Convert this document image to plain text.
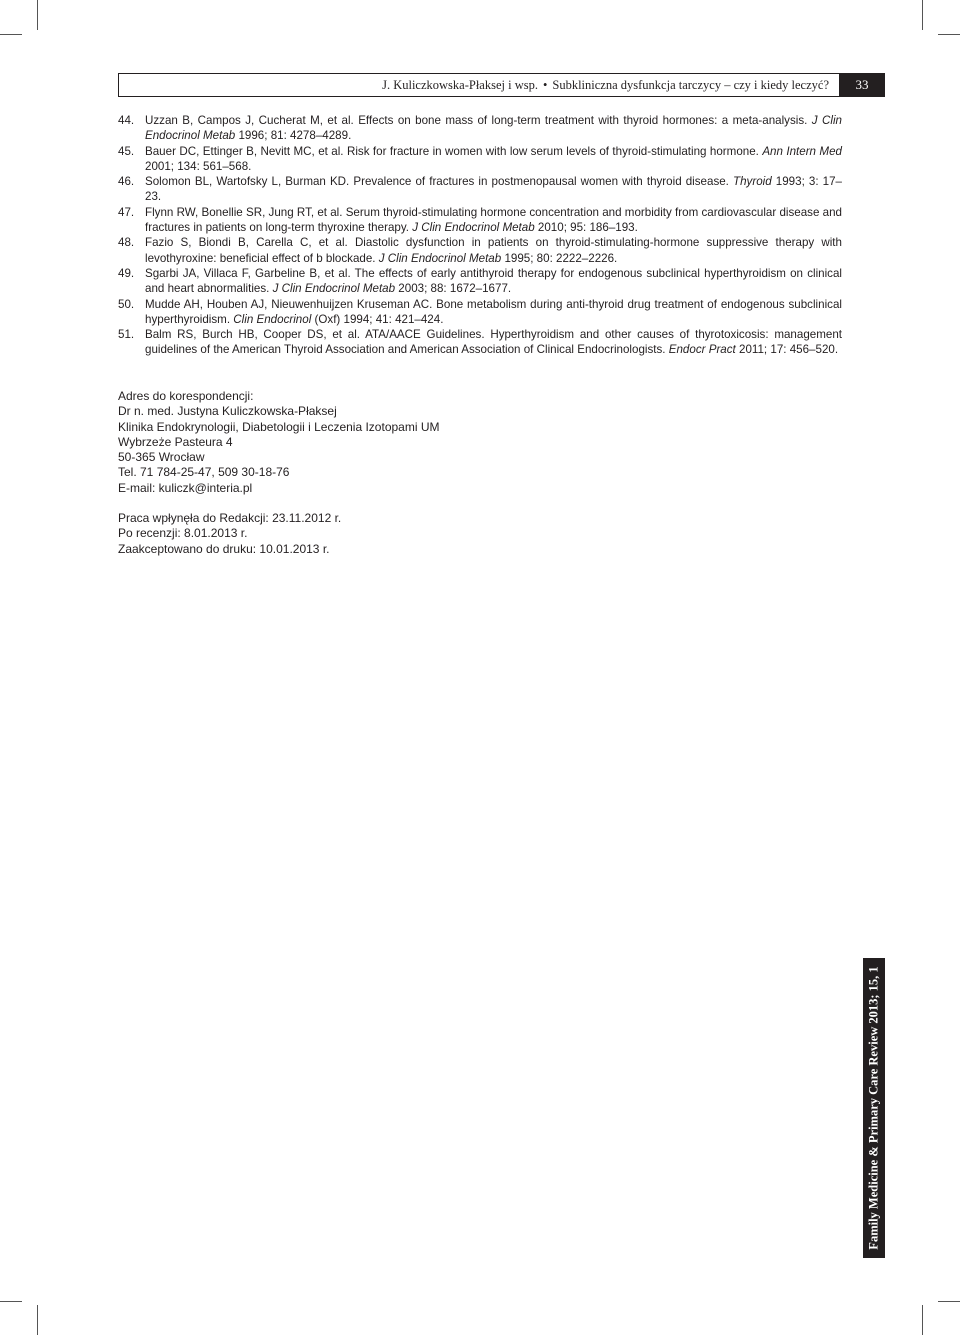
J. Kuliczkowska-Płaksej i wsp. • Subkliniczna dysfunkcja tarczycy – czy i kiedy leczyć?	33
44. Uzzan B, Campos J, Cucherat M, et al. Effects on bone mass of long-term treatment with thyroid hormones: a meta-analysis. J Clin Endocrinol Metab 1996; 81: 4278–4289.
45. Bauer DC, Ettinger B, Nevitt MC, et al. Risk for fracture in women with low serum levels of thyroid-stimulating hormone. Ann Intern Med 2001; 134: 561–568.
46. Solomon BL, Wartofsky L, Burman KD. Prevalence of fractures in postmenopausal women with thyroid disease. Thyroid 1993; 3: 17–23.
47. Flynn RW, Bonellie SR, Jung RT, et al. Serum thyroid-stimulating hormone concentration and morbidity from cardiovascular disease and fractures in patients on long-term thyroxine therapy. J Clin Endocrinol Metab 2010; 95: 186–193.
48. Fazio S, Biondi B, Carella C, et al. Diastolic dysfunction in patients on thyroid-stimulating-hormone suppressive therapy with levothyroxine: beneficial effect of b blockade. J Clin Endocrinol Metab 1995; 80: 2222–2226.
49. Sgarbi JA, Villaca F, Garbeline B, et al. The effects of early antithyroid therapy for endogenous subclinical hyperthyroidism on clinical and heart abnormalities. J Clin Endocrinol Metab 2003; 88: 1672–1677.
50. Mudde AH, Houben AJ, Nieuwenhuijzen Kruseman AC. Bone metabolism during anti-thyroid drug treatment of endogenous subclinical hyperthyroidism. Clin Endocrinol (Oxf) 1994; 41: 421–424.
51. Balm RS, Burch HB, Cooper DS, et al. ATA/AACE Guidelines. Hyperthyroidism and other causes of thyrotoxicosis: management guidelines of the American Thyroid Association and American Association of Clinical Endocrinologists. Endocr Pract 2011; 17: 456–520.
Adres do korespondencji:
Dr n. med. Justyna Kuliczkowska-Płaksej
Klinika Endokrynologii, Diabetologii i Leczenia Izotopami UM
Wybrzeże Pasteura 4
50-365 Wrocław
Tel. 71 784-25-47, 509 30-18-76
E-mail: kuliczk@interia.pl
Praca wpłynęła do Redakcji: 23.11.2012 r.
Po recenzji: 8.01.2013 r.
Zaakceptowano do druku: 10.01.2013 r.
Family Medicine & Primary Care Review 2013; 15, 1
